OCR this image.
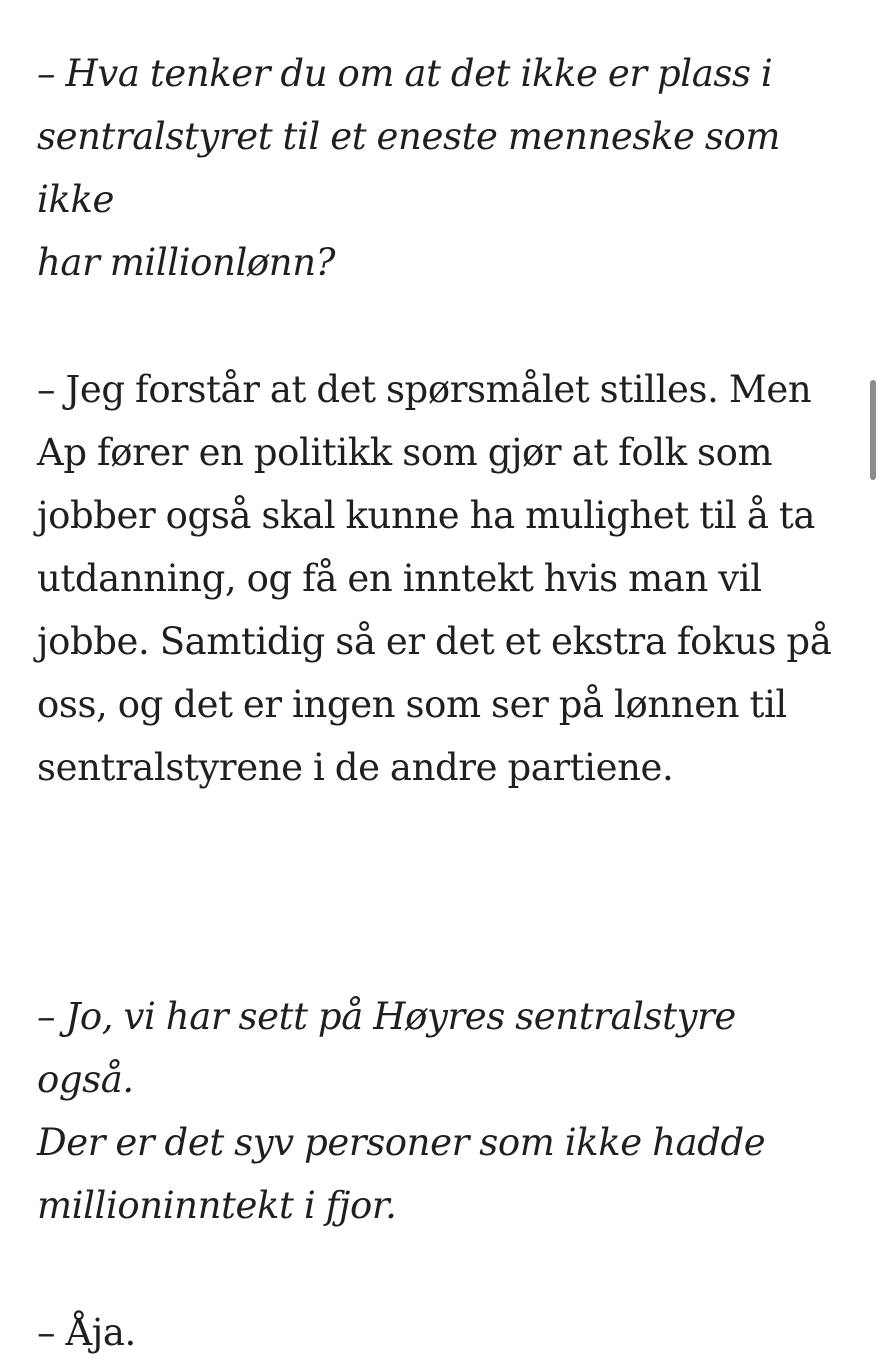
– Hva tenker du om at det ikke er plass i
sentralstyret til et eneste menneske som ikke
har millionlønn?

– Jeg forstår at det spørsmålet stilles. Men
Ap fører en politikk som gjør at folk som
jobber også skal kunne ha mulighet til å ta
utdanning, og få en inntekt hvis man vil
jobbe. Samtidig så er det et ekstra fokus på
oss, og det er ingen som ser på lønnen til
sentralstyrene i de andre partiene.

– Jo, vi har sett på Høyres sentralstyre også.
Der er det syv personer som ikke hadde
millioninntekt i fjor.

– Åja.
